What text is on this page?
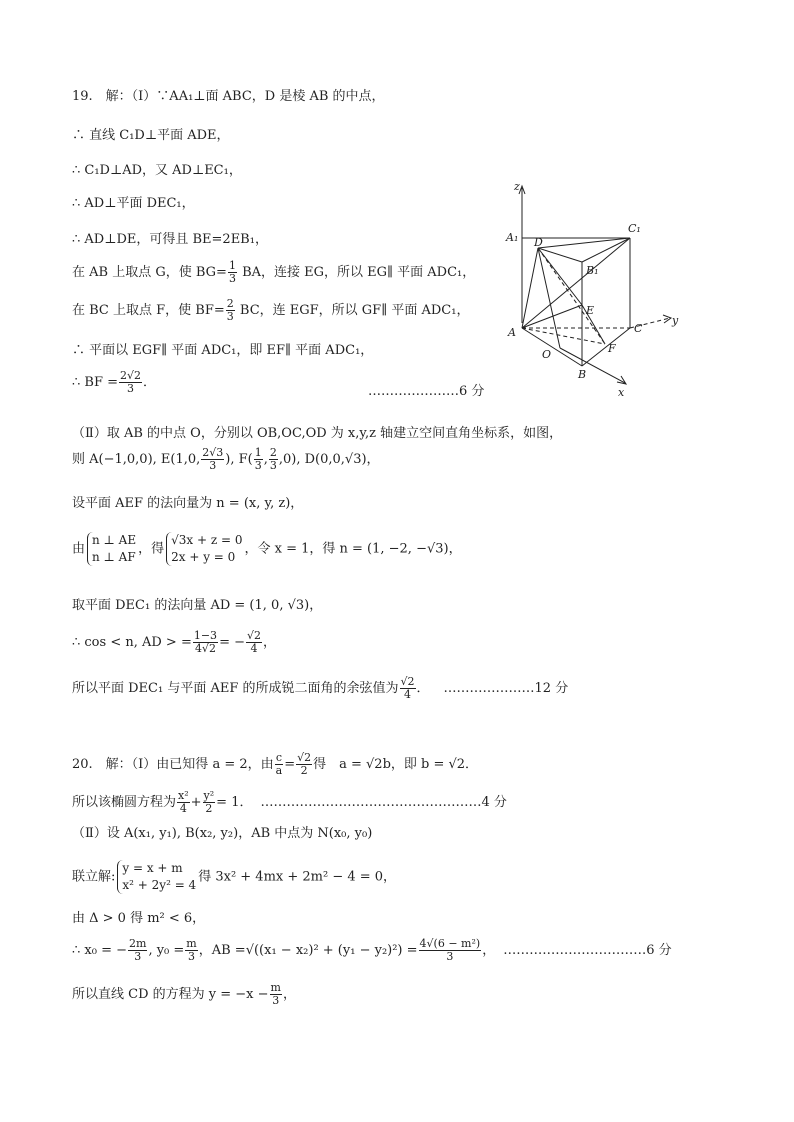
19.　解：（Ⅰ）∵AA₁⊥面 ABC，D 是棱 AB 的中点，
∴ 直线 C₁D⊥平面 ADE，
∴ C₁D⊥AD，又 AD⊥EC₁，
∴ AD⊥平面 DEC₁，
∴ AD⊥DE，可得且 BE=2EB₁，
在 AB 上取点 G，使 $BG= \frac{1}{3}$ BA，连接 EG，所以 EG∥ 平面 ADC₁，
在 BC 上取点 F，使 $BF= \frac{2}{3}$ BC，连 EGF，所以 GF∥ 平面 ADC₁，
∴ 平面以 EGF∥ 平面 ADC₁，即 EF∥ 平面 ADC₁，
∴ BF = $\frac{2√2}{3}$ ．
…………………6 分
（Ⅱ）取 AB 的中点 O，分别以 OB,OC,OD 为 x,y,z 轴建立空间直角坐标系，如图，
则 A(−1,0,0), E(1,0, $\frac{2√3}{3}$ ), $F( \frac{1}{3}$ , $\frac{2}{3} ,0$), D(0,0,√3)，
设平面 AEF 的法向量为 n = (x, y, z)，
由n ⊥ AE
n ⊥ AF，得√3x + z = 0
2x + y = 0，令 x = 1，得 n = (1, −2, −√3)，
取平面 DEC₁ 的法向量 AD = (1, 0, √3)，
∴ cos < n, AD > = $\frac{1-3}{4√2}$ = − $\frac{√2}{4}$ ，
所以平面 DEC₁ 与平面 AEF 的所成锐二面角的余弦值为 $\frac{√2}{4}$ ． …………………12 分
z
A₁
C₁
D
B₁
E
A	C
F
O
B
x
y
20.　解：（Ⅰ）由已知得 a = 2，由 $\frac{c}{a} = \frac{√2}{2}$ 得　a = √2b，即 b = √2．
所以该椭圆方程为 $\frac{\text{x²}}{4} + \frac{\text{y²}}{2} = 1$． ……………………………………………4 分
（Ⅱ）设 A(x₁, y₁), B(x₂, y₂)，AB 中点为 N(x₀, y₀)
联立解:y = x + m
x² + 2y² = 4得 3x² + 4mx + 2m² − 4 = 0，
由 Δ > 0 得 m² < 6，
∴ x₀ = − $\frac{2m}{3}$ , $y_0 = \frac{m}{3}$ ，AB $=√((x_1 - x_2)^2 + (y_1 - y_2)^2) = \frac{\text{4√(6 − m²)}}{3}$ ， ……………………………6 分
所以直线 CD 的方程为 $y = -x - \frac{m}{3}$ ，
